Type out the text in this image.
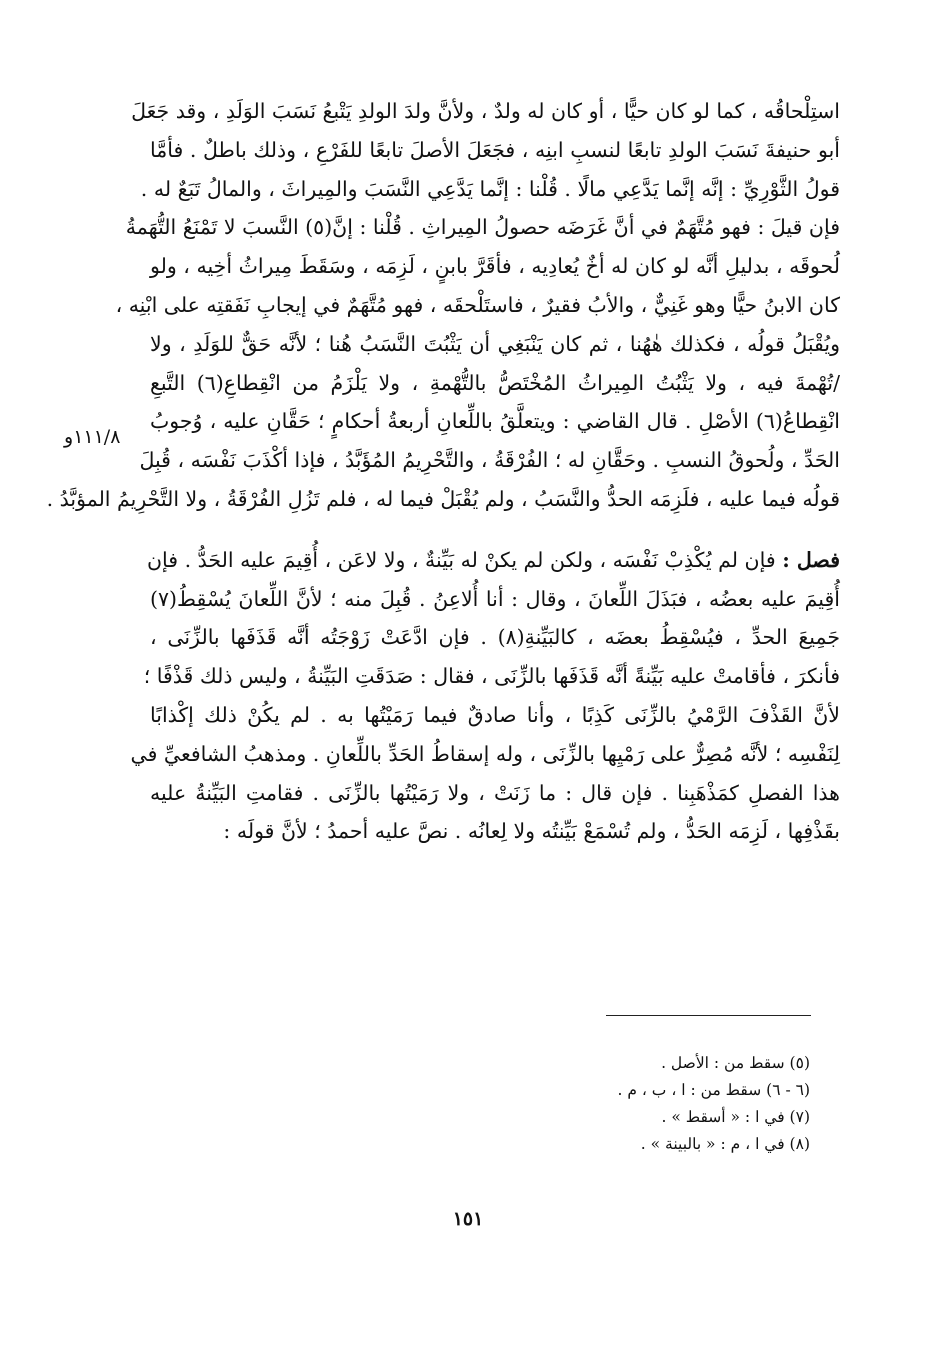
١١١/٨و
استِلْحاقُه ، كما لو كان حيًّا ، أو كان له ولدٌ ، ولأنَّ ولدَ الولدِ يَتْبعُ نَسَبَ الوَلَدِ ، وقد جَعَلَ
أبو حنيفةَ نَسَبَ الولدِ تابعًا لنسبِ ابنِه ، فجَعَلَ الأصلَ تابعًا للفَرْعِ ، وذلك باطلٌ . فأمَّا
قولُ الثَّوْرِيِّ : إنَّه إنَّما يَدَّعِي مالًا . قُلْنا : إنَّما يَدَّعِي النَّسَبَ والمِيراثَ ، والمالُ تَبَعٌ له .
فإن قيلَ : فهو مُتَّهَمٌ في أنَّ غَرَضَه حصولُ المِيراثِ . قُلْنا : إنَّ(٥) النَّسبَ لا تَمْنَعُ التُّهَمةُ
لُحوقَه ، بدليلِ أنَّه لو كان له أخٌ يُعادِيه ، فأقَرَّ بابنٍ ، لَزِمَه ، وسَقَطَ مِيراثُ أخِيه ، ولو
كان الابنُ حيًّا وهو غَنِيٌّ ، والأبُ فقيرٌ ، فاستَلْحقَه ، فهو مُتَّهَمٌ في إيجابِ نَفَقتِه على ابْنِه ،
ويُقْبَلُ قولُه ، فكذلك هٰهُنا ، ثم كان يَنْبَغِي أن يَثْبُتَ النَّسَبُ هُنا ؛ لأنَّه حَقٌّ للوَلَدِ ، ولا
/تُهْمةَ فيه ، ولا يَثْبُتُ المِيراثُ المُخْتَصُّ بالتُّهْمةِ ، ولا يَلْزَمُ من انْقِطاعِ(٦) التَّبعِ
انْقِطاعُ(٦) الأصْلِ . قال القاضي : ويتعلَّقُ باللِّعانِ أربعةُ أحكامٍ ؛ حَقَّانِ عليه ، وُجوبُ
الحَدِّ ، ولُحوقُ النسبِ . وحَقَّانِ له ؛ الفُرْقَةُ ، والتَّحْرِيمُ المُؤَبَّدُ ، فإذا أكْذَبَ نَفْسَه ، قُبِلَ
قولُه فيما عليه ، فلَزِمَه الحدُّ والنَّسَبُ ، ولم يُقْبَلْ فيما له ، فلم تَزُلِ الفُرْقَةُ ، ولا التَّحْرِيمُ المؤبَّدُ .
فصل : فإن لم يُكْذِبْ نَفْسَه ، ولكن لم يكنْ له بَيِّنةٌ ، ولا لاعَن ، أُقِيمَ عليه الحَدُّ . فإن
أُقِيمَ عليه بعضُه ، فبَذَلَ اللِّعانَ ، وقال : أنا أُلاعِنُ . قُبِلَ منه ؛ لأنَّ اللِّعانَ يُسْقِطُ(٧)
جَمِيعَ الحدِّ ، فيُسْقِطُ بعضَه ، كالبَيِّنةِ(٨) . فإن ادَّعَتْ زَوْجَتُه أنَّه قَذَفَها بالزِّنَى ،
فأنكرَ ، فأقامتْ عليه بَيِّنةً أنَّه قَذَفَها بالزِّنَى ، فقال : صَدَقَتِ البَيِّنةُ ، وليس ذلك قَذْفًا ؛
لأنَّ القَذْفَ الرَّمْيُ بالزِّنَى كَذِبًا ، وأنا صادقٌ فيما رَمَيْتُها به . لم يكُنْ ذلك إكْذابًا
لِنَفْسِه ؛ لأنَّه مُصِرٌّ على رَمْيِها بالزِّنَى ، وله إسقاطُ الحَدِّ باللِّعانِ . ومذهبُ الشافعيِّ في
هذا الفصلِ كمَذْهَبِنا . فإن قال : ما زَنَتْ ، ولا رَمَيْتُها بالزِّنَى . فقامتِ البَيِّنةُ عليه
بقَذْفِها ، لَزِمَه الحَدُّ ، ولم تُسْمَعْ بَيِّنتُه ولا لِعانُه . نصَّ عليه أحمدُ ؛ لأنَّ قولَه :
(٥) سقط من : الأصل .
(٦ - ٦) سقط من : ا ، ب ، م .
(٧) في ا : « أسقط » .
(٨) في ا ، م : « بالبينة » .
١٥١
